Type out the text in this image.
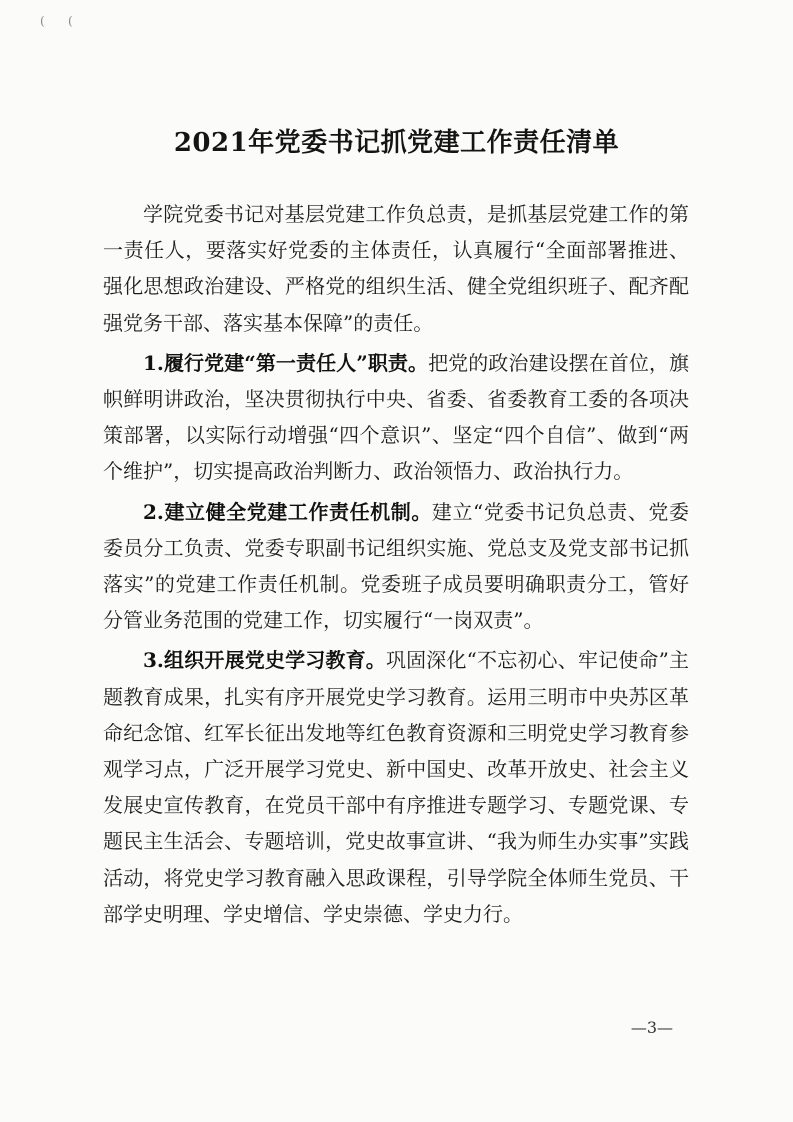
( (
2021年党委书记抓党建工作责任清单

学院党委书记对基层党建工作负总责，是抓基层党建工作的第一责任人，要落实好党委的主体责任，认真履行“全面部署推进、强化思想政治建设、严格党的组织生活、健全党组织班子、配齐配强党务干部、落实基本保障”的责任。

1.履行党建“第一责任人”职责。把党的政治建设摆在首位，旗帜鲜明讲政治，坚决贯彻执行中央、省委、省委教育工委的各项决策部署，以实际行动增强“四个意识”、坚定“四个自信”、做到“两个维护”，切实提高政治判断力、政治领悟力、政治执行力。

2.建立健全党建工作责任机制。建立“党委书记负总责、党委委员分工负责、党委专职副书记组织实施、党总支及党支部书记抓落实”的党建工作责任机制。党委班子成员要明确职责分工，管好分管业务范围的党建工作，切实履行“一岗双责”。

3.组织开展党史学习教育。巩固深化“不忘初心、牢记使命”主题教育成果，扎实有序开展党史学习教育。运用三明市中央苏区革命纪念馆、红军长征出发地等红色教育资源和三明党史学习教育参观学习点，广泛开展学习党史、新中国史、改革开放史、社会主义发展史宣传教育，在党员干部中有序推进专题学习、专题党课、专题民主生活会、专题培训，党史故事宣讲、“我为师生办实事”实践活动，将党史学习教育融入思政课程，引导学院全体师生党员、干部学史明理、学史增信、学史崇德、学史力行。

—3—
